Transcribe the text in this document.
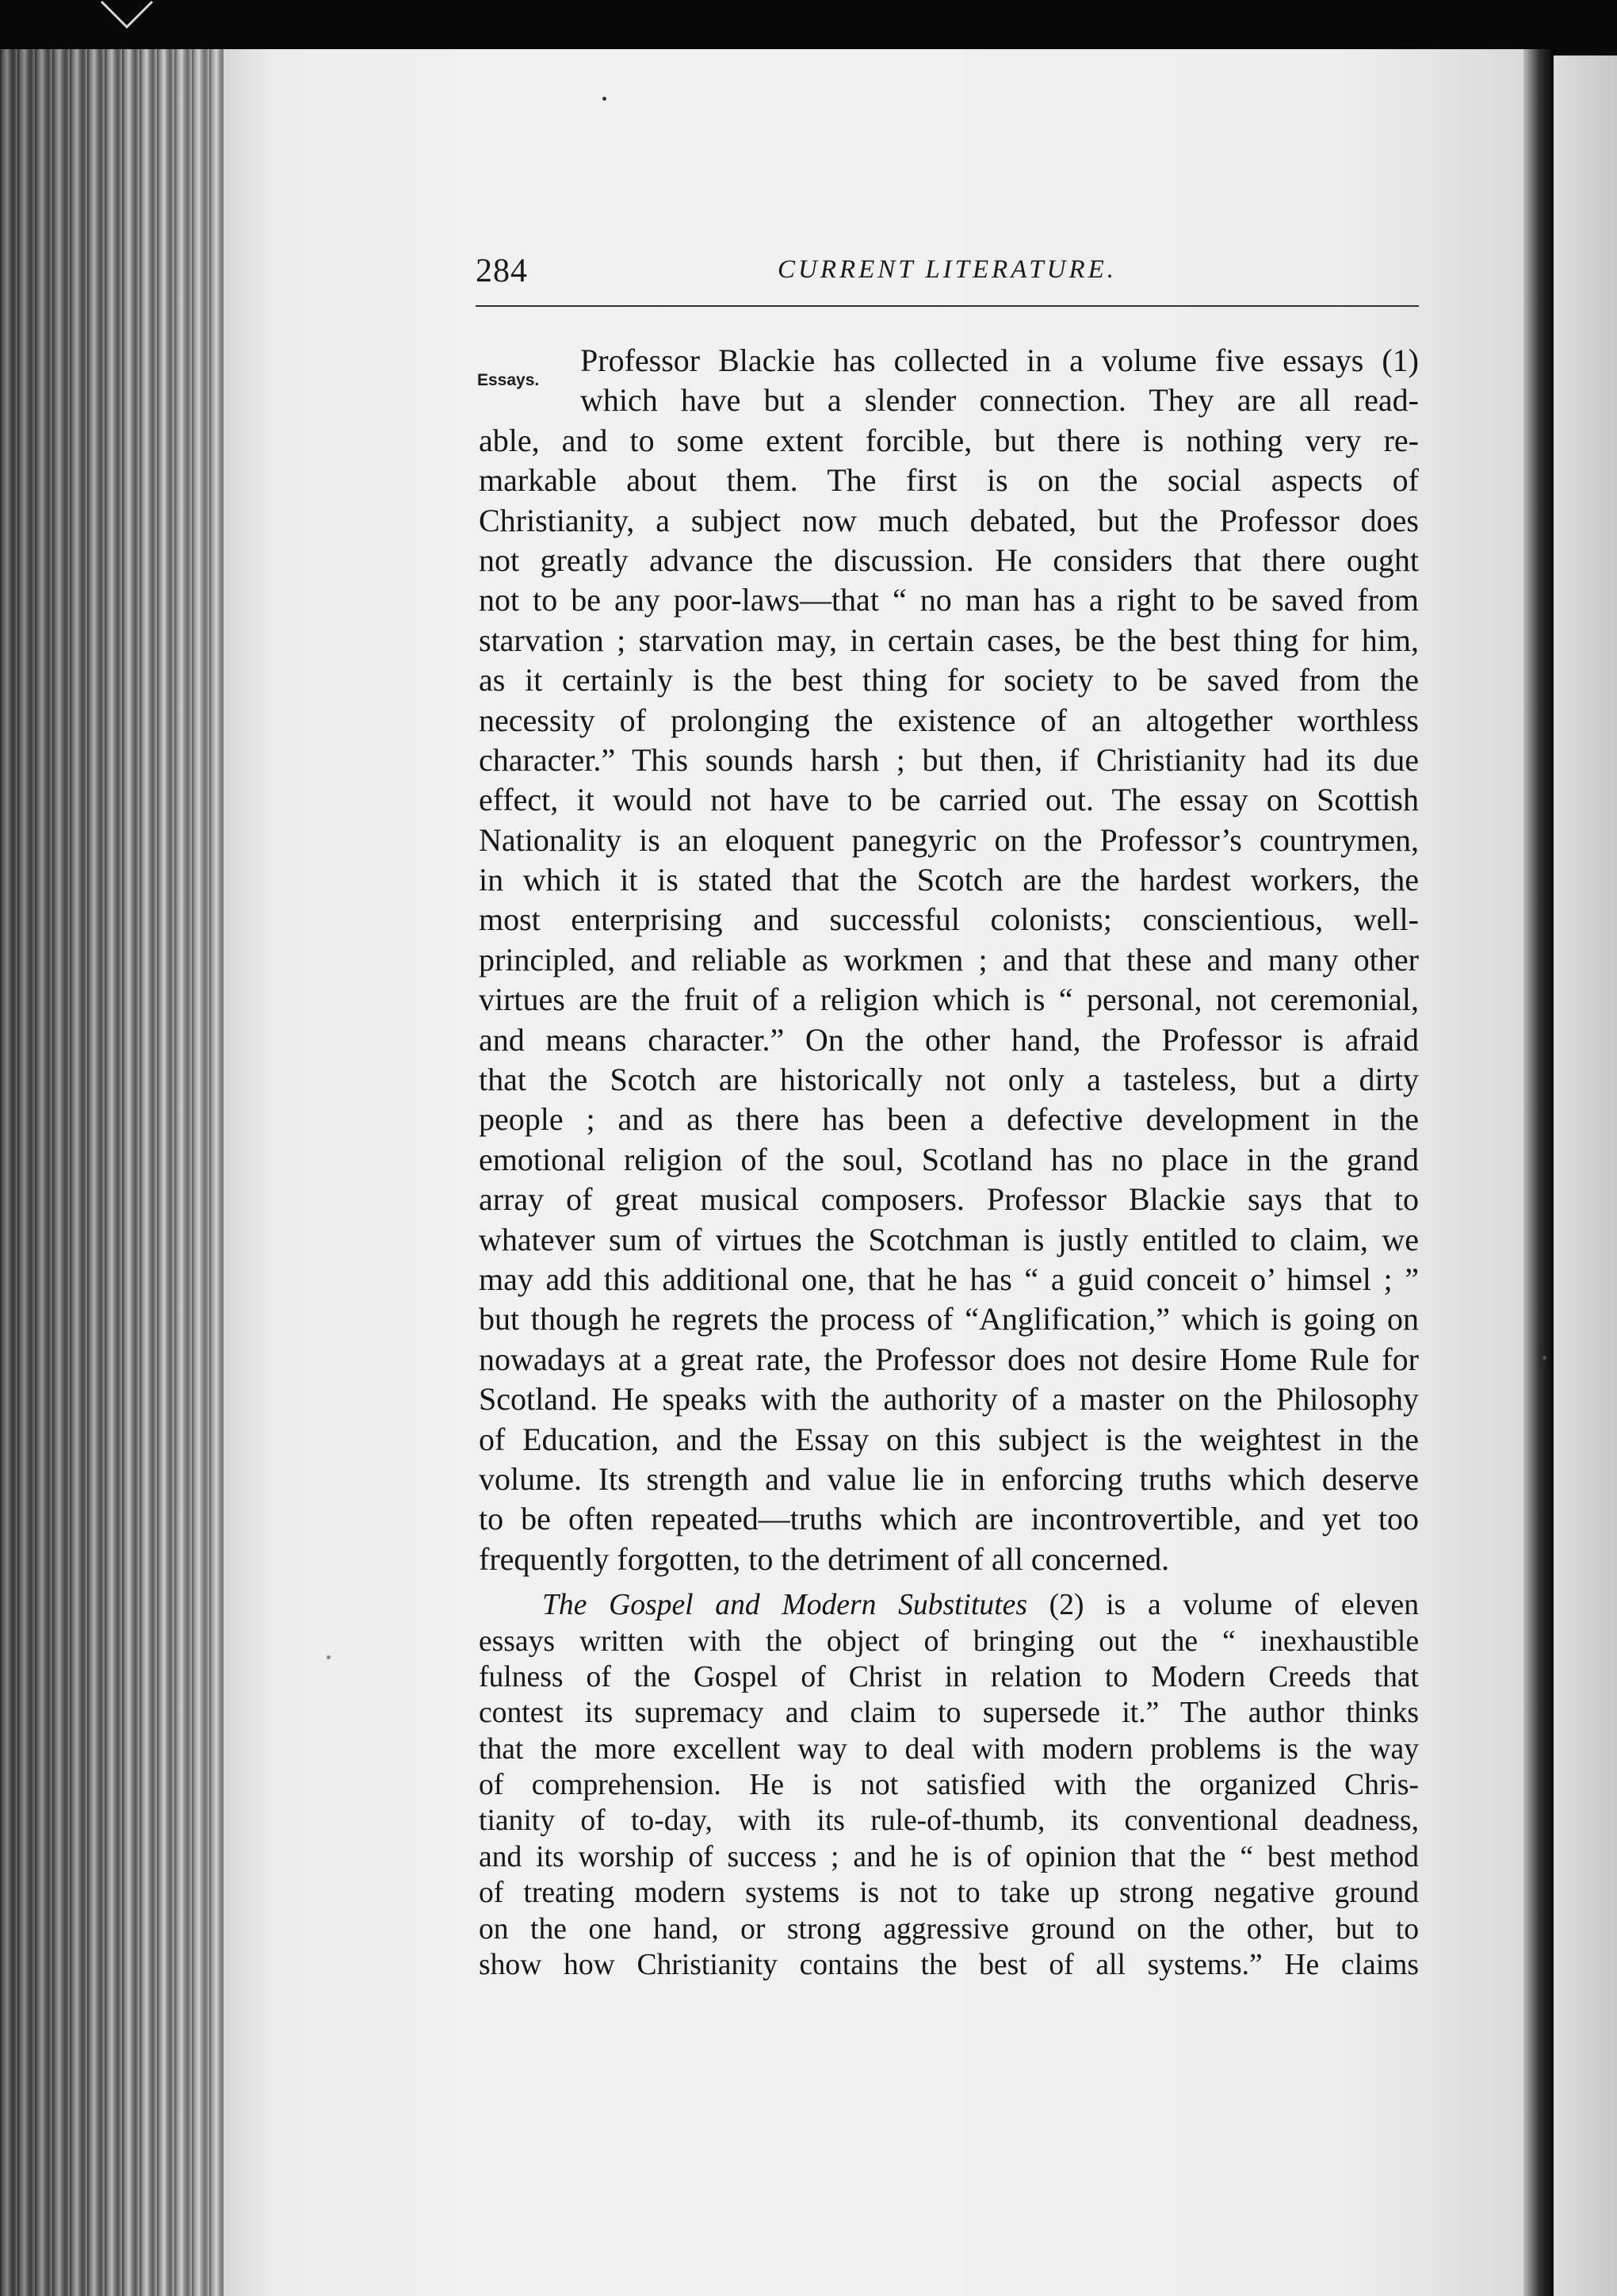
284	CURRENT LITERATURE.
Essays.
Professor Blackie has collected in a volume five essays (1)
which have but a slender connection. They are all read-
able, and to some extent forcible, but there is nothing very re-
markable about them. The first is on the social aspects of
Christianity, a subject now much debated, but the Professor does
not greatly advance the discussion. He considers that there ought
not to be any poor-laws—that “ no man has a right to be saved from
starvation ; starvation may, in certain cases, be the best thing for him,
as it certainly is the best thing for society to be saved from the
necessity of prolonging the existence of an altogether worthless
character.” This sounds harsh ; but then, if Christianity had its due
effect, it would not have to be carried out. The essay on Scottish
Nationality is an eloquent panegyric on the Professor’s countrymen,
in which it is stated that the Scotch are the hardest workers, the
most enterprising and successful colonists; conscientious, well-
principled, and reliable as workmen ; and that these and many other
virtues are the fruit of a religion which is “ personal, not ceremonial,
and means character.” On the other hand, the Professor is afraid
that the Scotch are historically not only a tasteless, but a dirty
people ; and as there has been a defective development in the
emotional religion of the soul, Scotland has no place in the grand
array of great musical composers. Professor Blackie says that to
whatever sum of virtues the Scotchman is justly entitled to claim, we
may add this additional one, that he has “ a guid conceit o’ himsel ; ”
but though he regrets the process of “Anglification,” which is going on
nowadays at a great rate, the Professor does not desire Home Rule for
Scotland. He speaks with the authority of a master on the Philosophy
of Education, and the Essay on this subject is the weightest in the
volume. Its strength and value lie in enforcing truths which deserve
to be often repeated—truths which are incontrovertible, and yet too
frequently forgotten, to the detriment of all concerned.
The Gospel and Modern Substitutes (2) is a volume of eleven
essays written with the object of bringing out the “ inexhaustible
fulness of the Gospel of Christ in relation to Modern Creeds that
contest its supremacy and claim to supersede it.” The author thinks
that the more excellent way to deal with modern problems is the way
of comprehension. He is not satisfied with the organized Chris-
tianity of to-day, with its rule-of-thumb, its conventional deadness,
and its worship of success ; and he is of opinion that the “ best method
of treating modern systems is not to take up strong negative ground
on the one hand, or strong aggressive ground on the other, but to
show how Christianity contains the best of all systems.” He claims
